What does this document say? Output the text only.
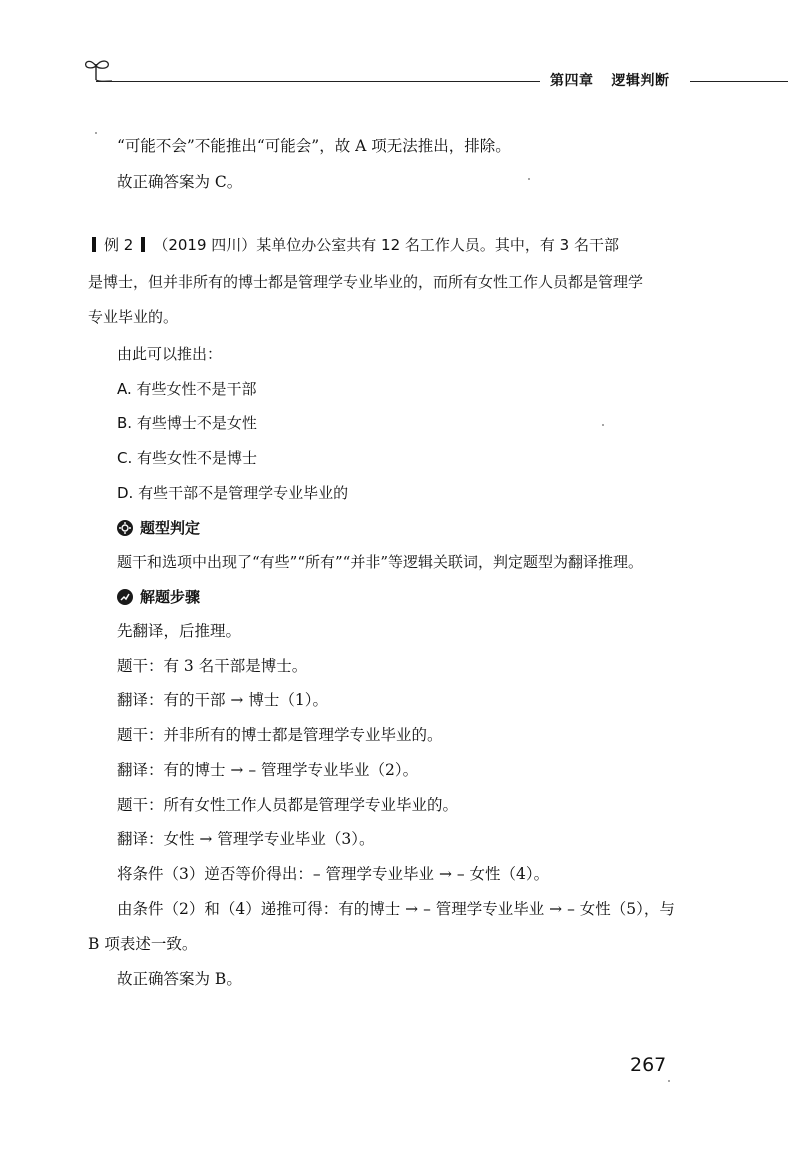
第四章 逻辑判断
“可能不会”不能推出“可能会”，故 A 项无法推出，排除。
故正确答案为 C。
例 2 （2019 四川）某单位办公室共有 12 名工作人员。其中，有 3 名干部
是博士，但并非所有的博士都是管理学专业毕业的，而所有女性工作人员都是管理学
专业毕业的。
由此可以推出：
A. 有些女性不是干部
B. 有些博士不是女性
C. 有些女性不是博士
D. 有些干部不是管理学专业毕业的
题型判定
题干和选项中出现了“有些”“所有”“并非”等逻辑关联词，判定题型为翻译推理。
解题步骤
先翻译，后推理。
题干：有 3 名干部是博士。
翻译：有的干部 → 博士（1）。
题干：并非所有的博士都是管理学专业毕业的。
翻译：有的博士 → – 管理学专业毕业（2）。
题干：所有女性工作人员都是管理学专业毕业的。
翻译：女性 → 管理学专业毕业（3）。
将条件（3）逆否等价得出：– 管理学专业毕业 → – 女性（4）。
由条件（2）和（4）递推可得：有的博士 → – 管理学专业毕业 → – 女性（5），与
B 项表述一致。
故正确答案为 B。
267
